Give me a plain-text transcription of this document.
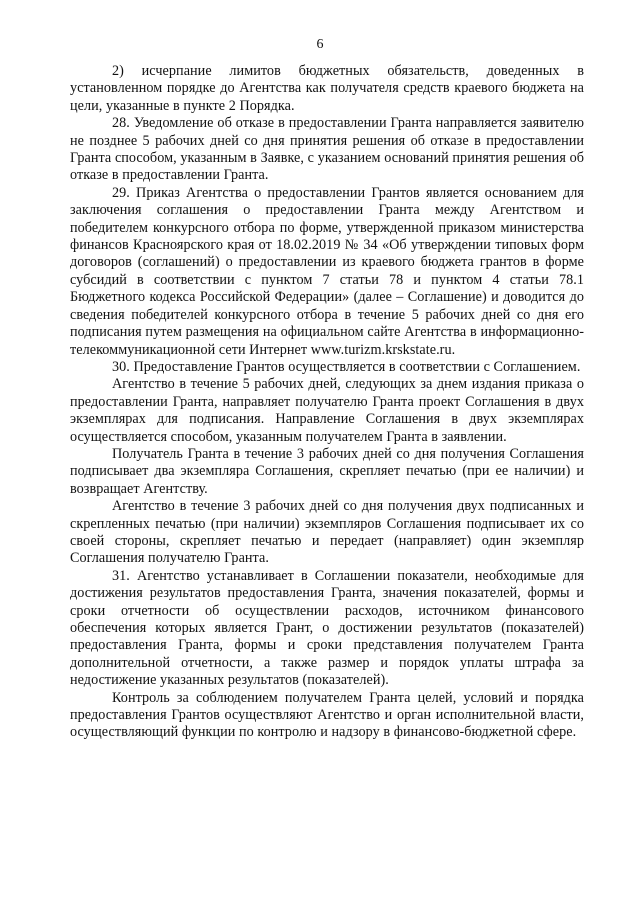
6

2) исчерпание лимитов бюджетных обязательств, доведенных в установленном порядке до Агентства как получателя средств краевого бюджета на цели, указанные в пункте 2 Порядка.

28. Уведомление об отказе в предоставлении Гранта направляется заявителю не позднее 5 рабочих дней со дня принятия решения об отказе в предоставлении Гранта способом, указанным в Заявке, с указанием оснований принятия решения об отказе в предоставлении Гранта.

29. Приказ Агентства о предоставлении Грантов является основанием для заключения соглашения о предоставлении Гранта между Агентством и победителем конкурсного отбора по форме, утвержденной приказом министерства финансов Красноярского края от 18.02.2019 № 34 «Об утверждении типовых форм договоров (соглашений) о предоставлении из краевого бюджета грантов в форме субсидий в соответствии с пунктом 7 статьи 78 и пунктом 4 статьи 78.1 Бюджетного кодекса Российской Федерации» (далее – Соглашение) и доводится до сведения победителей конкурсного отбора в течение 5 рабочих дней со дня его подписания путем размещения на официальном сайте Агентства в информационно-телекоммуникационной сети Интернет www.turizm.krskstate.ru.

30. Предоставление Грантов осуществляется в соответствии с Соглашением.

Агентство в течение 5 рабочих дней, следующих за днем издания приказа о предоставлении Гранта, направляет получателю Гранта проект Соглашения в двух экземплярах для подписания. Направление Соглашения в двух экземплярах осуществляется способом, указанным получателем Гранта в заявлении.

Получатель Гранта в течение 3 рабочих дней со дня получения Соглашения подписывает два экземпляра Соглашения, скрепляет печатью (при ее наличии) и возвращает Агентству.

Агентство в течение 3 рабочих дней со дня получения двух подписанных и скрепленных печатью (при наличии) экземпляров Соглашения подписывает их со своей стороны, скрепляет печатью и передает (направляет) один экземпляр Соглашения получателю Гранта.

31. Агентство устанавливает в Соглашении показатели, необходимые для достижения результатов предоставления Гранта, значения показателей, формы и сроки отчетности об осуществлении расходов, источником финансового обеспечения которых является Грант, о достижении результатов (показателей) предоставления Гранта, формы и сроки представления получателем Гранта дополнительной отчетности, а также размер и порядок уплаты штрафа за недостижение указанных результатов (показателей).

Контроль за соблюдением получателем Гранта целей, условий и порядка предоставления Грантов осуществляют Агентство и орган исполнительной власти, осуществляющий функции по контролю и надзору в финансово-бюджетной сфере.
